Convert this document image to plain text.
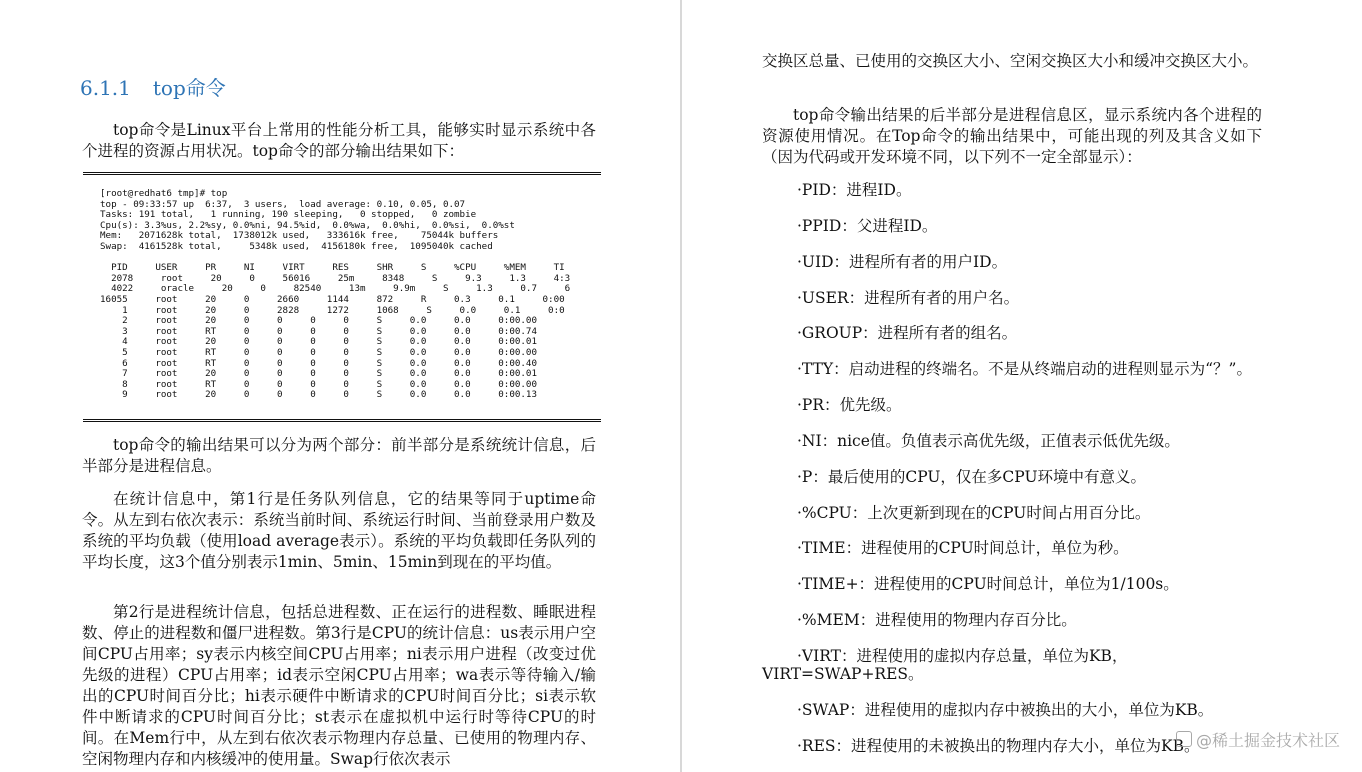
6.1.1 top命令

top命令是Linux平台上常用的性能分析工具，能够实时显示系统中各个进程的资源占用状况。top命令的部分输出结果如下：

[root@redhat6 tmp]# top
top - 09:33:57 up  6:37,  3 users,  load average: 0.10, 0.05, 0.07
Tasks: 191 total,   1 running, 190 sleeping,   0 stopped,   0 zombie
Cpu(s): 3.3%us, 2.2%sy, 0.0%ni, 94.5%id,  0.0%wa,  0.0%hi,  0.0%si,  0.0%st
Mem:   2071628k total,  1738012k used,   333616k free,    75044k buffers
Swap:  4161528k total,     5348k used,  4156180k free,  1095040k cached

PID     USER     PR     NI     VIRT     RES     SHR     S     %CPU     %MEM     TI
2078     root     20     0     56016     25m     8348     S     9.3     1.3     4:3
4022     oracle     20     0     82540     13m     9.9m     S     1.3     0.7     6
16055     root     20     0     2660     1144     872     R     0.3     0.1     0:00
1     root     20     0     2828     1272     1068     S     0.0     0.1     0:0
2     root     20     0     0     0     0     S     0.0     0.0     0:00.00
3     root     RT     0     0     0     0     S     0.0     0.0     0:00.74
4     root     20     0     0     0     0     S     0.0     0.0     0:00.01
5     root     RT     0     0     0     0     S     0.0     0.0     0:00.00
6     root     RT     0     0     0     0     S     0.0     0.0     0:00.40
7     root     20     0     0     0     0     S     0.0     0.0     0:00.01
8     root     RT     0     0     0     0     S     0.0     0.0     0:00.00
9     root     20     0     0     0     0     S     0.0     0.0     0:00.13

top命令的输出结果可以分为两个部分：前半部分是系统统计信息，后半部分是进程信息。

在统计信息中，第1行是任务队列信息，它的结果等同于uptime命令。从左到右依次表示：系统当前时间、系统运行时间、当前登录用户数及系统的平均负载（使用load average表示）。系统的平均负载即任务队列的平均长度，这3个值分别表示1min、5min、15min到现在的平均值。

第2行是进程统计信息，包括总进程数、正在运行的进程数、睡眠进程数、停止的进程数和僵尸进程数。第3行是CPU的统计信息：us表示用户空间CPU占用率；sy表示内核空间CPU占用率；ni表示用户进程（改变过优先级的进程）CPU占用率；id表示空闲CPU占用率；wa表示等待输入/输出的CPU时间百分比；hi表示硬件中断请求的CPU时间百分比；si表示软件中断请求的CPU时间百分比；st表示在虚拟机中运行时等待CPU的时间。在Mem行中，从左到右依次表示物理内存总量、已使用的物理内存、空闲物理内存和内核缓冲的使用量。Swap行依次表示

交换区总量、已使用的交换区大小、空闲交换区大小和缓冲交换区大小。

top命令输出结果的后半部分是进程信息区，显示系统内各个进程的资源使用情况。在Top命令的输出结果中，可能出现的列及其含义如下（因为代码或开发环境不同，以下列不一定全部显示）：

·PID：进程ID。

·PPID：父进程ID。

·UID：进程所有者的用户ID。

·USER：进程所有者的用户名。

·GROUP：进程所有者的组名。

·TTY：启动进程的终端名。不是从终端启动的进程则显示为“？”。

·PR：优先级。

·NI：nice值。负值表示高优先级，正值表示低优先级。

·P：最后使用的CPU，仅在多CPU环境中有意义。

·%CPU：上次更新到现在的CPU时间占用百分比。

·TIME：进程使用的CPU时间总计，单位为秒。

·TIME+：进程使用的CPU时间总计，单位为1/100s。

·%MEM：进程使用的物理内存百分比。

·VIRT：进程使用的虚拟内存总量，单位为KB，

VIRT=SWAP+RES。

·SWAP：进程使用的虚拟内存中被换出的大小，单位为KB。

·RES：进程使用的未被换出的物理内存大小，单位为KB。

@稀土掘金技术社区
